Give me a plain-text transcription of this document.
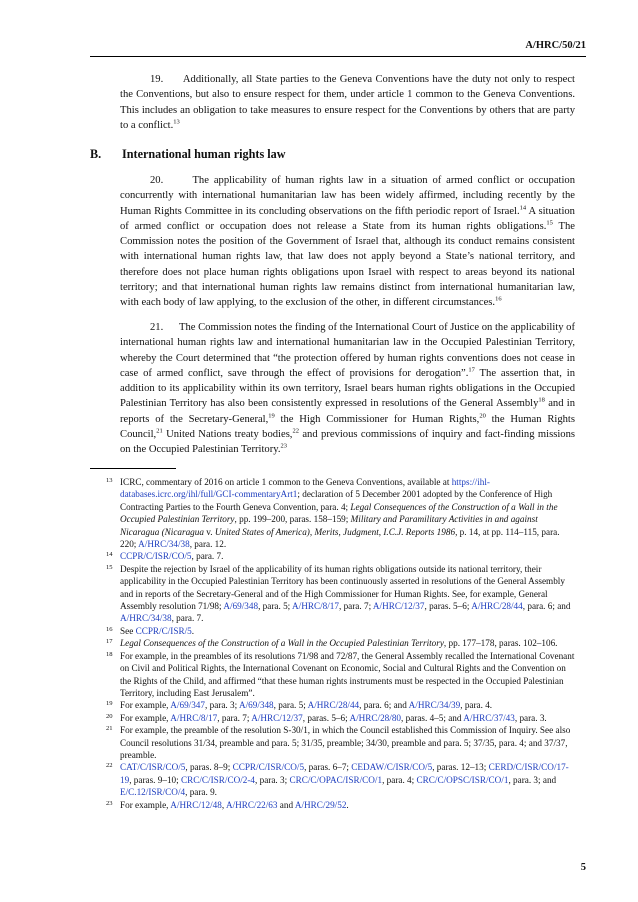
A/HRC/50/21

19. Additionally, all State parties to the Geneva Conventions have the duty not only to respect the Conventions, but also to ensure respect for them, under article 1 common to the Geneva Conventions. This includes an obligation to take measures to ensure respect for the Conventions by others that are party to a conflict.$^{13}$

B. International human rights law

20.	The applicability of human rights law in a situation of armed conflict or occupation concurrently with international humanitarian law has been widely affirmed, including recently by the Human Rights Committee in its concluding observations on the fifth periodic report of Israel.$^{14}$ A situation of armed conflict or occupation does not release a State from its human rights obligations.$^{15}$ The Commission notes the position of the Government of Israel that, although its conduct remains consistent with international human rights law, that law does not apply beyond a State’s national territory, and therefore does not place human rights obligations upon Israel with respect to areas beyond its national territory; and that international human rights law remains distinct from international humanitarian law, with each body of law applying, to the exclusion of the other, in different circumstances.$^{16}$

21. The Commission notes the finding of the International Court of Justice on the applicability of international human rights law and international humanitarian law in the Occupied Palestinian Territory, whereby the Court determined that “the protection offered by human rights conventions does not cease in case of armed conflict, save through the effect of provisions for derogation”.$^{17}$ The assertion that, in addition to its applicability within its own territory, Israel bears human rights obligations in the Occupied Palestinian Territory has also been consistently expressed in resolutions of the General Assembly$^{18}$ and in reports of the Secretary-General,$^{19}$ the High Commissioner for Human Rights,$^{20}$ the Human Rights Council,$^{21}$ United Nations treaty bodies,$^{22}$ and previous commissions of inquiry and fact-finding missions on the Occupied Palestinian Territory.$^{23}$

13 ICRC, commentary of 2016 on article 1 common to the Geneva Conventions, available at https://ihl-databases.icrc.org/ihl/full/GCI-commentaryArt1; declaration of 5 December 2001 adopted by the Conference of High Contracting Parties to the Fourth Geneva Convention, para. 4; Legal Consequences of the Construction of a Wall in the Occupied Palestinian Territory, pp. 199–200, paras. 158–159; Military and Paramilitary Activities in and against Nicaragua (Nicaragua v. United States of America), Merits, Judgment, I.C.J. Reports 1986, p. 14, at pp. 114–115, para. 220; A/HRC/34/38, para. 12.

14 CCPR/C/ISR/CO/5, para. 7.

15 Despite the rejection by Israel of the applicability of its human rights obligations outside its national territory, their applicability in the Occupied Palestinian Territory has been continuously asserted in resolutions of the General Assembly and in reports of the Secretary-General and of the High Commissioner for Human Rights. See, for example, General Assembly resolution 71/98; A/69/348, para. 5; A/HRC/8/17, para. 7; A/HRC/12/37, paras. 5–6; A/HRC/28/44, para. 6; and A/HRC/34/38, para. 7.

16 See CCPR/C/ISR/5.

17 Legal Consequences of the Construction of a Wall in the Occupied Palestinian Territory, pp. 177–178, paras. 102–106.

18 For example, in the preambles of its resolutions 71/98 and 72/87, the General Assembly recalled the International Covenant on Civil and Political Rights, the International Covenant on Economic, Social and Cultural Rights and the Convention on the Rights of the Child, and affirmed “that these human rights instruments must be respected in the Occupied Palestinian Territory, including East Jerusalem”.

19 For example, A/69/347, para. 3; A/69/348, para. 5; A/HRC/28/44, para. 6; and A/HRC/34/39, para. 4.

20 For example, A/HRC/8/17, para. 7; A/HRC/12/37, paras. 5–6; A/HRC/28/80, paras. 4–5; and A/HRC/37/43, para. 3.

21 For example, the preamble of the resolution S-30/1, in which the Council established this Commission of Inquiry. See also Council resolutions 31/34, preamble and para. 5; 31/35, preamble; 34/30, preamble and para. 5; 37/35, para. 4; and 37/37, preamble.

22 CAT/C/ISR/CO/5, paras. 8–9; CCPR/C/ISR/CO/5, paras. 6–7; CEDAW/C/ISR/CO/5, paras. 12–13; CERD/C/ISR/CO/17-19, paras. 9–10; CRC/C/ISR/CO/2-4, para. 3; CRC/C/OPAC/ISR/CO/1, para. 4; CRC/C/OPSC/ISR/CO/1, para. 3; and E/C.12/ISR/CO/4, para. 9.

23 For example, A/HRC/12/48, A/HRC/22/63 and A/HRC/29/52.

5
